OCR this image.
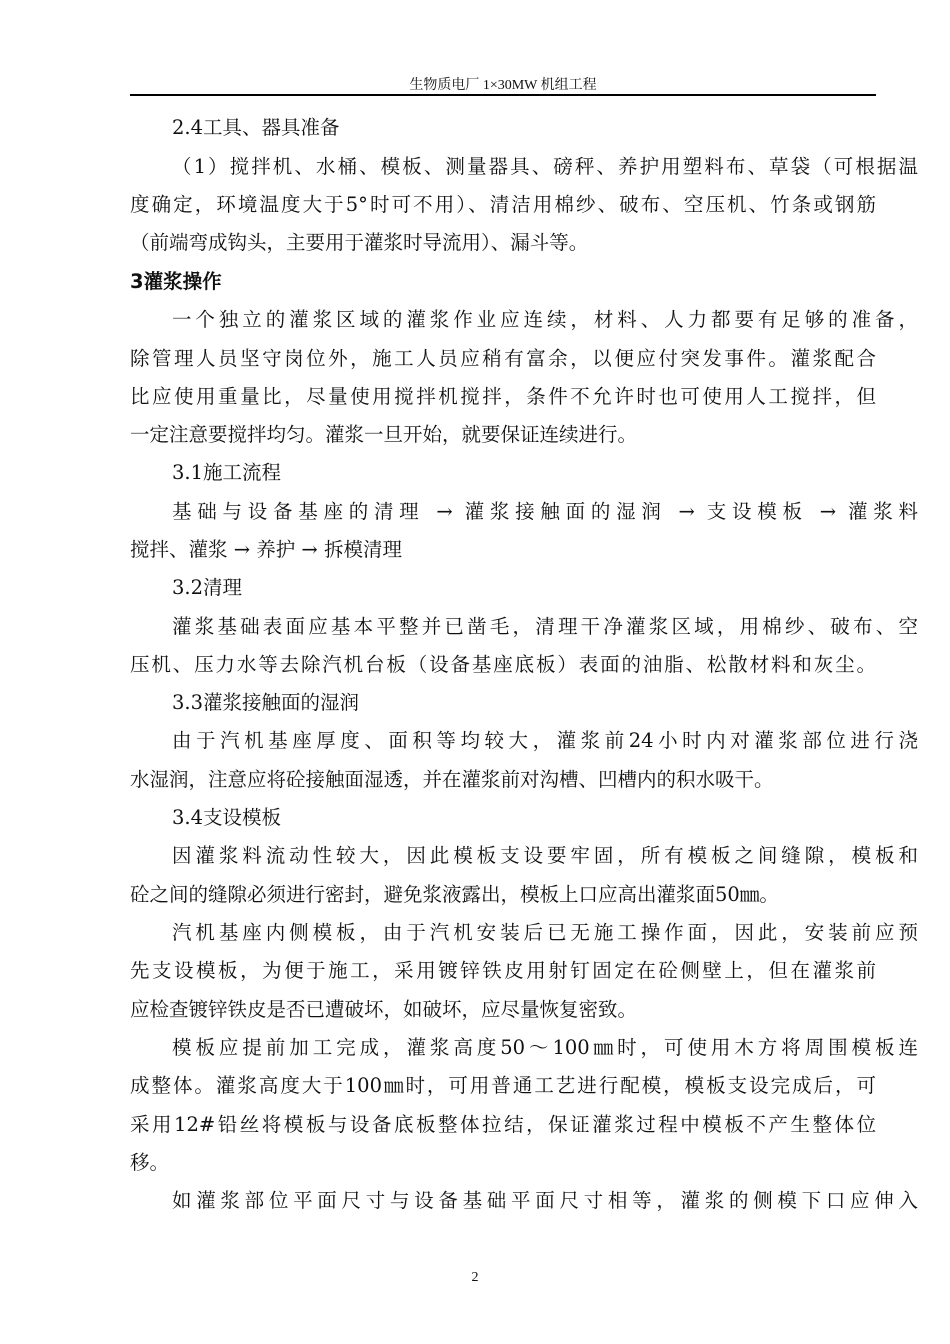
生物质电厂 1×30MW 机组工程
2.4工具、器具准备
（1）搅拌机、水桶、模板、测量器具、磅秤、养护用塑料布、草袋（可根据温
度确定，环境温度大于5°时可不用）、清洁用棉纱、破布、空压机、竹条或钢筋
（前端弯成钩头，主要用于灌浆时导流用）、漏斗等。
3灌浆操作
一个独立的灌浆区域的灌浆作业应连续，材料、人力都要有足够的准备，
除管理人员坚守岗位外，施工人员应稍有富余，以便应付突发事件。灌浆配合
比应使用重量比，尽量使用搅拌机搅拌，条件不允许时也可使用人工搅拌，但
一定注意要搅拌均匀。灌浆一旦开始，就要保证连续进行。
3.1施工流程
基础与设备基座的清理 → 灌浆接触面的湿润 → 支设模板 → 灌浆料
搅拌、灌浆 → 养护 → 拆模清理
3.2清理
灌浆基础表面应基本平整并已凿毛，清理干净灌浆区域，用棉纱、破布、空
压机、压力水等去除汽机台板（设备基座底板）表面的油脂、松散材料和灰尘。
3.3灌浆接触面的湿润
由于汽机基座厚度、面积等均较大，灌浆前24小时内对灌浆部位进行浇
水湿润，注意应将砼接触面湿透，并在灌浆前对沟槽、凹槽内的积水吸干。
3.4支设模板
因灌浆料流动性较大，因此模板支设要牢固，所有模板之间缝隙，模板和
砼之间的缝隙必须进行密封，避免浆液露出，模板上口应高出灌浆面50㎜。
汽机基座内侧模板，由于汽机安装后已无施工操作面，因此，安装前应预
先支设模板，为便于施工，采用镀锌铁皮用射钉固定在砼侧壁上，但在灌浆前
应检查镀锌铁皮是否已遭破坏，如破坏，应尽量恢复密致。
模板应提前加工完成，灌浆高度50～100㎜时，可使用木方将周围模板连
成整体。灌浆高度大于100㎜时，可用普通工艺进行配模，模板支设完成后，可
采用12#铅丝将模板与设备底板整体拉结，保证灌浆过程中模板不产生整体位
移。
如灌浆部位平面尺寸与设备基础平面尺寸相等，灌浆的侧模下口应伸入
2
